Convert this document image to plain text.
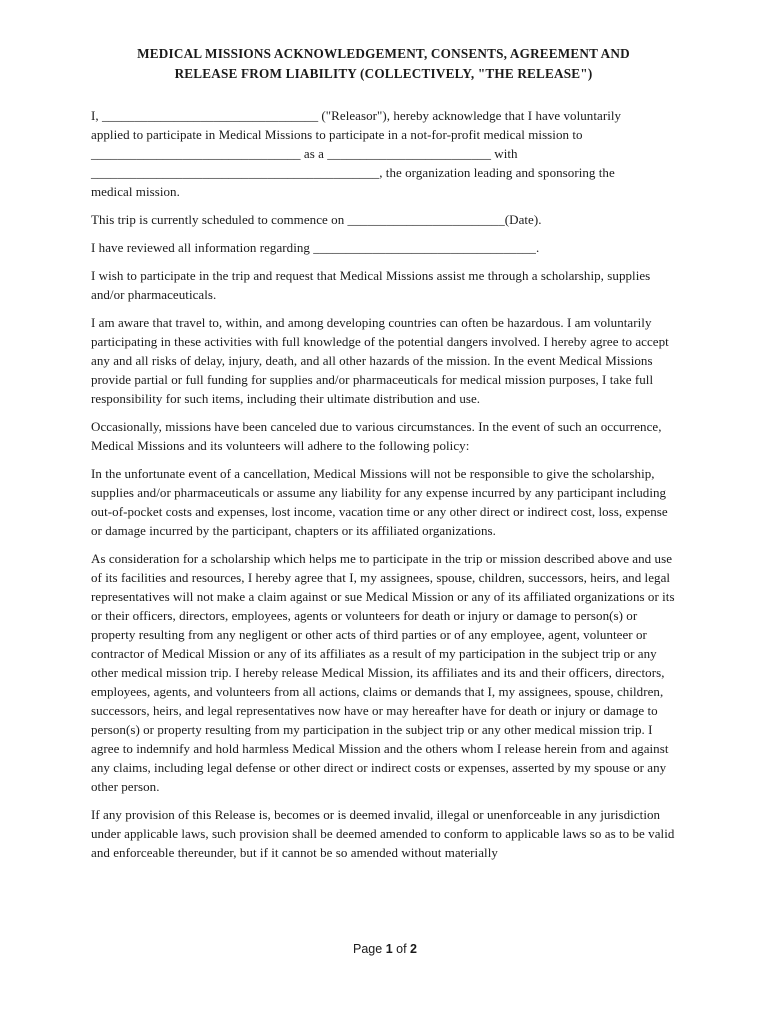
MEDICAL MISSIONS ACKNOWLEDGEMENT, CONSENTS, AGREEMENT AND
RELEASE FROM LIABILITY (COLLECTIVELY, "THE RELEASE")

I, _________________________________ ("Releasor"), hereby acknowledge that I have voluntarily
applied to participate in Medical Missions to participate in a not-for-profit medical mission to
________________________________ as a _________________________ with
____________________________________________, the organization leading and sponsoring the
medical mission.

This trip is currently scheduled to commence on ________________________(Date).

I have reviewed all information regarding __________________________________.

I wish to participate in the trip and request that Medical Missions assist me through a scholarship, supplies and/or pharmaceuticals.

I am aware that travel to, within, and among developing countries can often be hazardous. I am voluntarily participating in these activities with full knowledge of the potential dangers involved. I hereby agree to accept any and all risks of delay, injury, death, and all other hazards of the mission. In the event Medical Missions provide partial or full funding for supplies and/or pharmaceuticals for medical mission purposes, I take full responsibility for such items, including their ultimate distribution and use.

Occasionally, missions have been canceled due to various circumstances. In the event of such an occurrence, Medical Missions and its volunteers will adhere to the following policy:

In the unfortunate event of a cancellation, Medical Missions will not be responsible to give the scholarship, supplies and/or pharmaceuticals or assume any liability for any expense incurred by any participant including out-of-pocket costs and expenses, lost income, vacation time or any other direct or indirect cost, loss, expense or damage incurred by the participant, chapters or its affiliated organizations.

As consideration for a scholarship which helps me to participate in the trip or mission described above and use of its facilities and resources, I hereby agree that I, my assignees, spouse, children, successors, heirs, and legal representatives will not make a claim against or sue Medical Mission or any of its affiliated organizations or its or their officers, directors, employees, agents or volunteers for death or injury or damage to person(s) or property resulting from any negligent or other acts of third parties or of any employee, agent, volunteer or contractor of Medical Mission or any of its affiliates as a result of my participation in the subject trip or any other medical mission trip. I hereby release Medical Mission, its affiliates and its and their officers, directors, employees, agents, and volunteers from all actions, claims or demands that I, my assignees, spouse, children, successors, heirs, and legal representatives now have or may hereafter have for death or injury or damage to person(s) or property resulting from my participation in the subject trip or any other medical mission trip. I agree to indemnify and hold harmless Medical Mission and the others whom I release herein from and against any claims, including legal defense or other direct or indirect costs or expenses, asserted by my spouse or any other person.

If any provision of this Release is, becomes or is deemed invalid, illegal or unenforceable in any jurisdiction under applicable laws, such provision shall be deemed amended to conform to applicable laws so as to be valid and enforceable thereunder, but if it cannot be so amended without materially

Page 1 of 2
